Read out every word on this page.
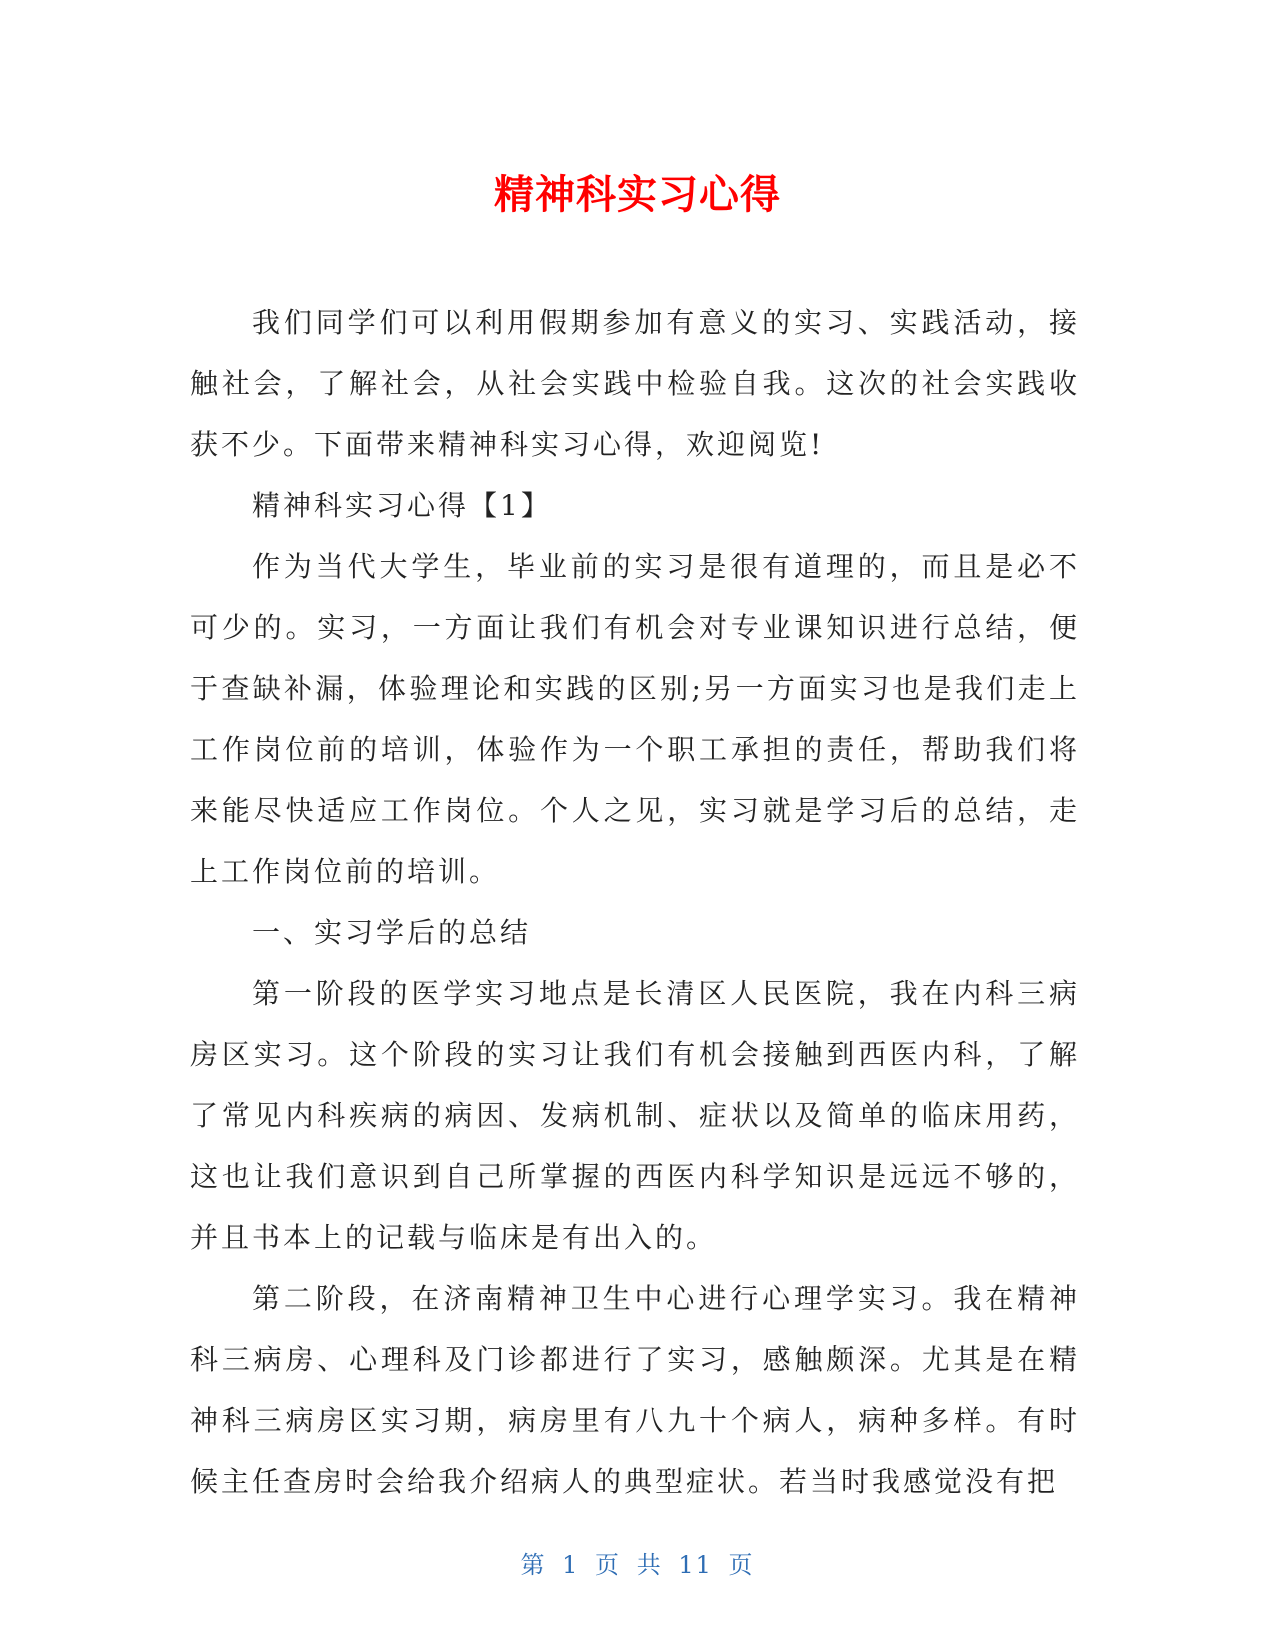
精神科实习心得

我们同学们可以利用假期参加有意义的实习、实践活动，接触社会，了解社会，从社会实践中检验自我。这次的社会实践收获不少。下面带来精神科实习心得，欢迎阅览!

精神科实习心得【1】

作为当代大学生，毕业前的实习是很有道理的，而且是必不可少的。实习，一方面让我们有机会对专业课知识进行总结，便于查缺补漏，体验理论和实践的区别;另一方面实习也是我们走上工作岗位前的培训，体验作为一个职工承担的责任，帮助我们将来能尽快适应工作岗位。个人之见，实习就是学习后的总结，走上工作岗位前的培训。

一、实习学后的总结

第一阶段的医学实习地点是长清区人民医院，我在内科三病房区实习。这个阶段的实习让我们有机会接触到西医内科，了解了常见内科疾病的病因、发病机制、症状以及简单的临床用药，这也让我们意识到自己所掌握的西医内科学知识是远远不够的，并且书本上的记载与临床是有出入的。

第二阶段，在济南精神卫生中心进行心理学实习。我在精神科三病房、心理科及门诊都进行了实习，感触颇深。尤其是在精神科三病房区实习期，病房里有八九十个病人，病种多样。有时候主任查房时会给我介绍病人的典型症状。若当时我感觉没有把

第 1 页 共 11 页
